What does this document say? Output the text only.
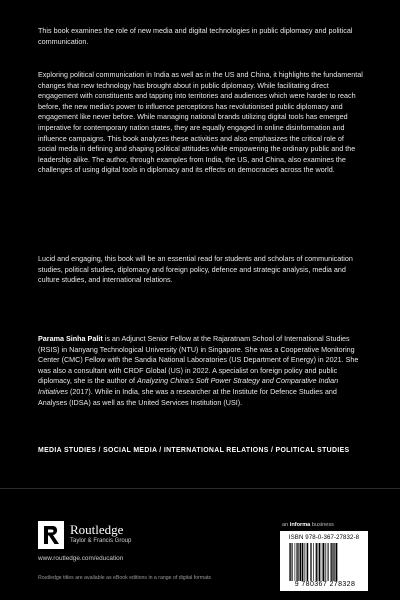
This book examines the role of new media and digital technologies in public diplomacy and political communication.

Exploring political communication in India as well as in the US and China, it highlights the fundamental changes that new technology has brought about in public diplomacy. While facilitating direct engagement with constituents and tapping into territories and audiences which were harder to reach before, the new media's power to influence perceptions has revolutionised public diplomacy and engagement like never before. While managing national brands utilizing digital tools has emerged imperative for contemporary nation states, they are equally engaged in online disinformation and influence campaigns. This book analyzes these activities and also emphasizes the critical role of social media in defining and shaping political attitudes while empowering the ordinary public and the leadership alike. The author, through examples from India, the US, and China, also examines the challenges of using digital tools in diplomacy and its effects on democracies across the world.

Lucid and engaging, this book will be an essential read for students and scholars of communication studies, political studies, diplomacy and foreign policy, defence and strategic analysis, media and culture studies, and international relations.

Parama Sinha Palit is an Adjunct Senior Fellow at the Rajaratnam School of International Studies (RSIS) in Nanyang Technological University (NTU) in Singapore. She was a Cooperative Monitoring Center (CMC) Fellow with the Sandia National Laboratories (US Department of Energy) in 2021. She was also a consultant with CRDF Global (US) in 2022. A specialist on foreign policy and public diplomacy, she is the author of Analyzing China's Soft Power Strategy and Comparative Indian Initiatives (2017). While in India, she was a researcher at the Institute for Defence Studies and Analyses (IDSA) as well as the United Services Institution (USI).

MEDIA STUDIES / SOCIAL MEDIA / INTERNATIONAL RELATIONS / POLITICAL STUDIES
Routledge
Taylor & Francis Group
www.routledge.com/education
Routledge titles are available as eBook editions in a range of digital formats
an informa business
ISBN 978-0-367-27832-8
9 780367 278328
